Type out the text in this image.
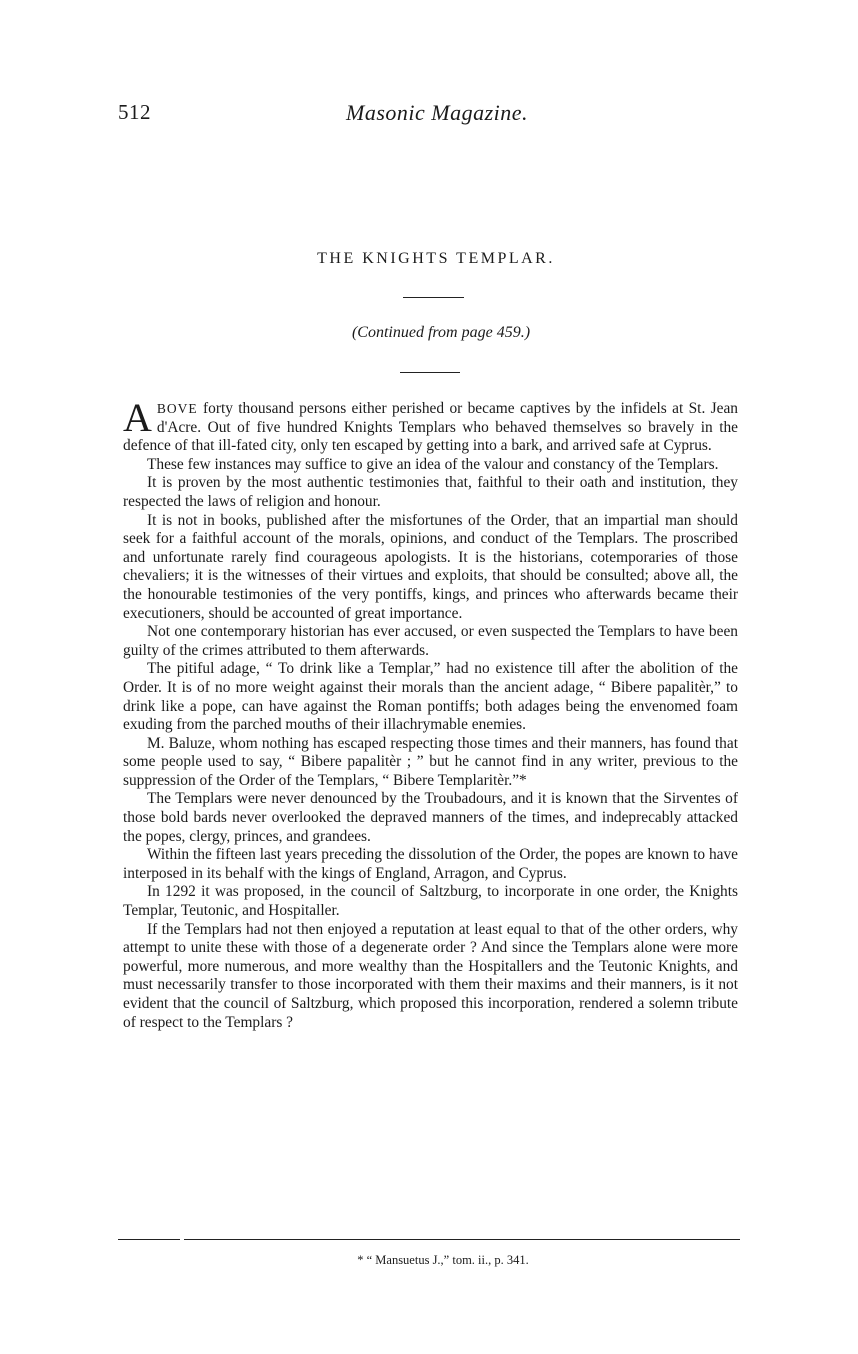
512	Masonic Magazine.
THE KNIGHTS TEMPLAR.
(Continued from page 459.)

ABOVE forty thousand persons either perished or became captives by the infidels at St. Jean d'Acre. Out of five hundred Knights Templars who behaved themselves so bravely in the defence of that ill-fated city, only ten escaped by getting into a bark, and arrived safe at Cyprus.

These few instances may suffice to give an idea of the valour and constancy of the Templars.

It is proven by the most authentic testimonies that, faithful to their oath and institution, they respected the laws of religion and honour.

It is not in books, published after the misfortunes of the Order, that an impartial man should seek for a faithful account of the morals, opinions, and conduct of the Templars. The proscribed and unfortunate rarely find courageous apologists. It is the historians, cotemporaries of those chevaliers; it is the witnesses of their virtues and exploits, that should be consulted; above all, the the honourable testimonies of the very pontiffs, kings, and princes who afterwards became their executioners, should be accounted of great importance.

Not one contemporary historian has ever accused, or even suspected the Templars to have been guilty of the crimes attributed to them afterwards.

The pitiful adage, “ To drink like a Templar,” had no existence till after the abolition of the Order. It is of no more weight against their morals than the ancient adage, “ Bibere papalitèr,” to drink like a pope, can have against the Roman pontiffs; both adages being the envenomed foam exuding from the parched mouths of their illachrymable enemies.

M. Baluze, whom nothing has escaped respecting those times and their manners, has found that some people used to say, “ Bibere papalitèr ; ” but he cannot find in any writer, previous to the suppression of the Order of the Templars, “ Bibere Templaritèr.”*

The Templars were never denounced by the Troubadours, and it is known that the Sirventes of those bold bards never overlooked the depraved manners of the times, and indeprecably attacked the popes, clergy, princes, and grandees.

Within the fifteen last years preceding the dissolution of the Order, the popes are known to have interposed in its behalf with the kings of England, Arragon, and Cyprus.

In 1292 it was proposed, in the council of Saltzburg, to incorporate in one order, the Knights Templar, Teutonic, and Hospitaller.

If the Templars had not then enjoyed a reputation at least equal to that of the other orders, why attempt to unite these with those of a degenerate order ? And since the Templars alone were more powerful, more numerous, and more wealthy than the Hospitallers and the Teutonic Knights, and must necessarily transfer to those incorporated with them their maxims and their manners, is it not evident that the council of Saltzburg, which proposed this incorporation, rendered a solemn tribute of respect to the Templars ?

* “ Mansuetus J.,” tom. ii., p. 341.
